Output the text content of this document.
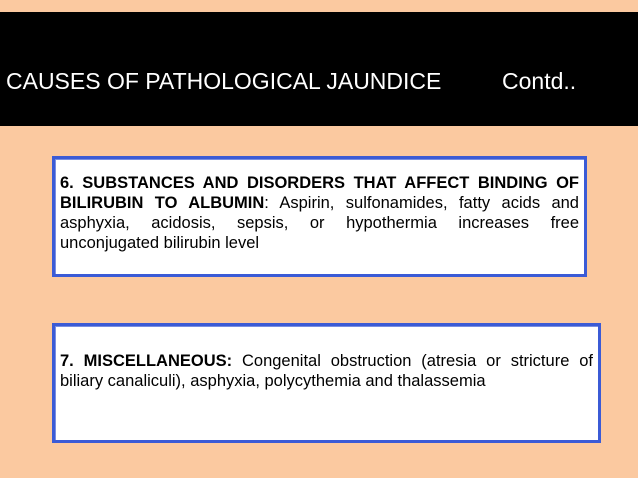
CAUSES OF PATHOLOGICAL JAUNDICE	Contd..
6. SUBSTANCES AND DISORDERS THAT AFFECT BINDING OF BILIRUBIN TO ALBUMIN: Aspirin, sulfonamides, fatty acids and asphyxia, acidosis, sepsis, or hypothermia increases free unconjugated bilirubin level
7. MISCELLANEOUS: Congenital obstruction (atresia or stricture of biliary canaliculi), asphyxia, polycythemia and thalassemia
